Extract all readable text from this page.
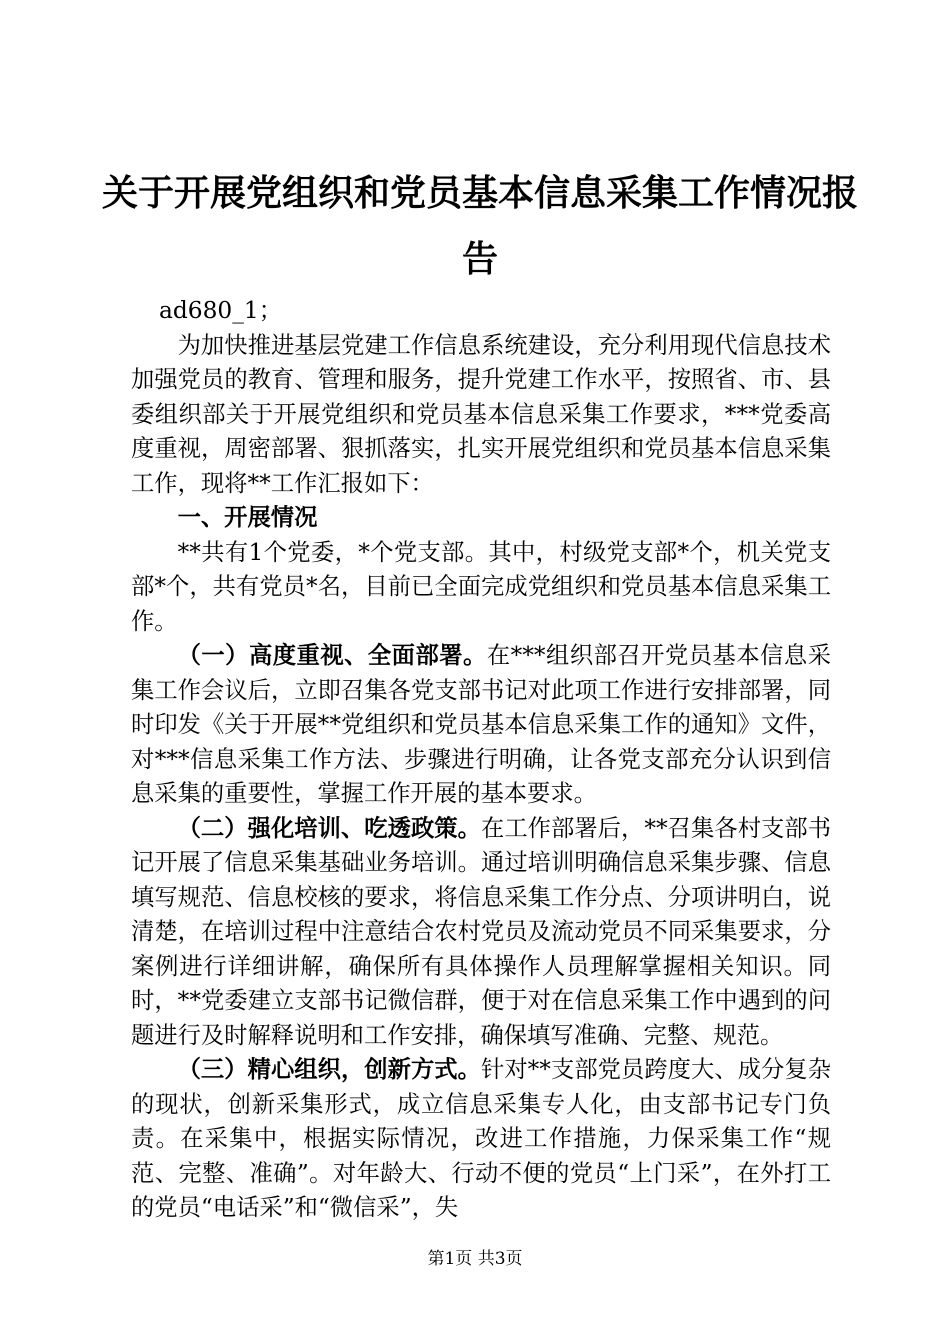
关于开展党组织和党员基本信息采集工作情况报告

ad680_1；

为加快推进基层党建工作信息系统建设，充分利用现代信息技术加强党员的教育、管理和服务，提升党建工作水平，按照省、市、县委组织部关于开展党组织和党员基本信息采集工作要求，***党委高度重视，周密部署、狠抓落实，扎实开展党组织和党员基本信息采集工作，现将**工作汇报如下：

一、开展情况

**共有1个党委，*个党支部。其中，村级党支部*个，机关党支部*个，共有党员*名，目前已全面完成党组织和党员基本信息采集工作。

（一）高度重视、全面部署。在***组织部召开党员基本信息采集工作会议后，立即召集各党支部书记对此项工作进行安排部署，同时印发《关于开展**党组织和党员基本信息采集工作的通知》文件，对***信息采集工作方法、步骤进行明确，让各党支部充分认识到信息采集的重要性，掌握工作开展的基本要求。

（二）强化培训、吃透政策。在工作部署后，**召集各村支部书记开展了信息采集基础业务培训。通过培训明确信息采集步骤、信息填写规范、信息校核的要求，将信息采集工作分点、分项讲明白，说清楚，在培训过程中注意结合农村党员及流动党员不同采集要求，分案例进行详细讲解，确保所有具体操作人员理解掌握相关知识。同时，**党委建立支部书记微信群，便于对在信息采集工作中遇到的问题进行及时解释说明和工作安排，确保填写准确、完整、规范。

（三）精心组织，创新方式。针对**支部党员跨度大、成分复杂的现状，创新采集形式，成立信息采集专人化，由支部书记专门负责。在采集中，根据实际情况，改进工作措施，力保采集工作“规范、完整、准确”。对年龄大、行动不便的党员“上门采”，在外打工的党员“电话采”和“微信采”，失

第1页 共3页
